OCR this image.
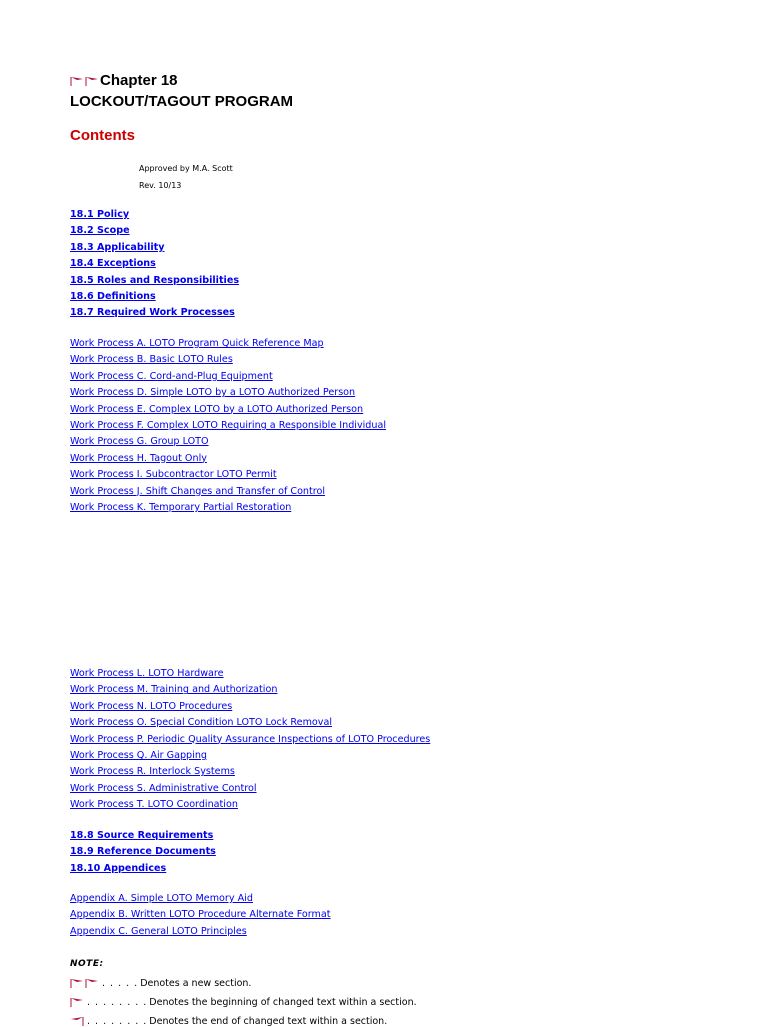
Chapter 18
LOCKOUT/TAGOUT PROGRAM
Contents
Approved by M.A. Scott
Rev. 10/13
18.1 Policy
18.2 Scope
18.3 Applicability
18.4 Exceptions
18.5 Roles and Responsibilities
18.6 Definitions
18.7 Required Work Processes
Work Process A. LOTO Program Quick Reference Map
Work Process B. Basic LOTO Rules
Work Process C. Cord-and-Plug Equipment
Work Process D. Simple LOTO by a LOTO Authorized Person
Work Process E. Complex LOTO by a LOTO Authorized Person
Work Process F. Complex LOTO Requiring a Responsible Individual
Work Process G. Group LOTO
Work Process H. Tagout Only
Work Process I. Subcontractor LOTO Permit
Work Process J. Shift Changes and Transfer of Control
Work Process K. Temporary Partial Restoration
Work Process L. LOTO Hardware
Work Process M. Training and Authorization
Work Process N. LOTO Procedures
Work Process O. Special Condition LOTO Lock Removal
Work Process P. Periodic Quality Assurance Inspections of LOTO Procedures
Work Process Q. Air Gapping
Work Process R. Interlock Systems
Work Process S. Administrative Control
Work Process T. LOTO Coordination
18.8 Source Requirements
18.9 Reference Documents
18.10 Appendices
Appendix A. Simple LOTO Memory Aid
Appendix B. Written LOTO Procedure Alternate Format
Appendix C. General LOTO Principles
NOTE:
. . . . . Denotes a new section.
. . . . . . . . Denotes the beginning of changed text within a section.
. . . . . . . . Denotes the end of changed text within a section.
